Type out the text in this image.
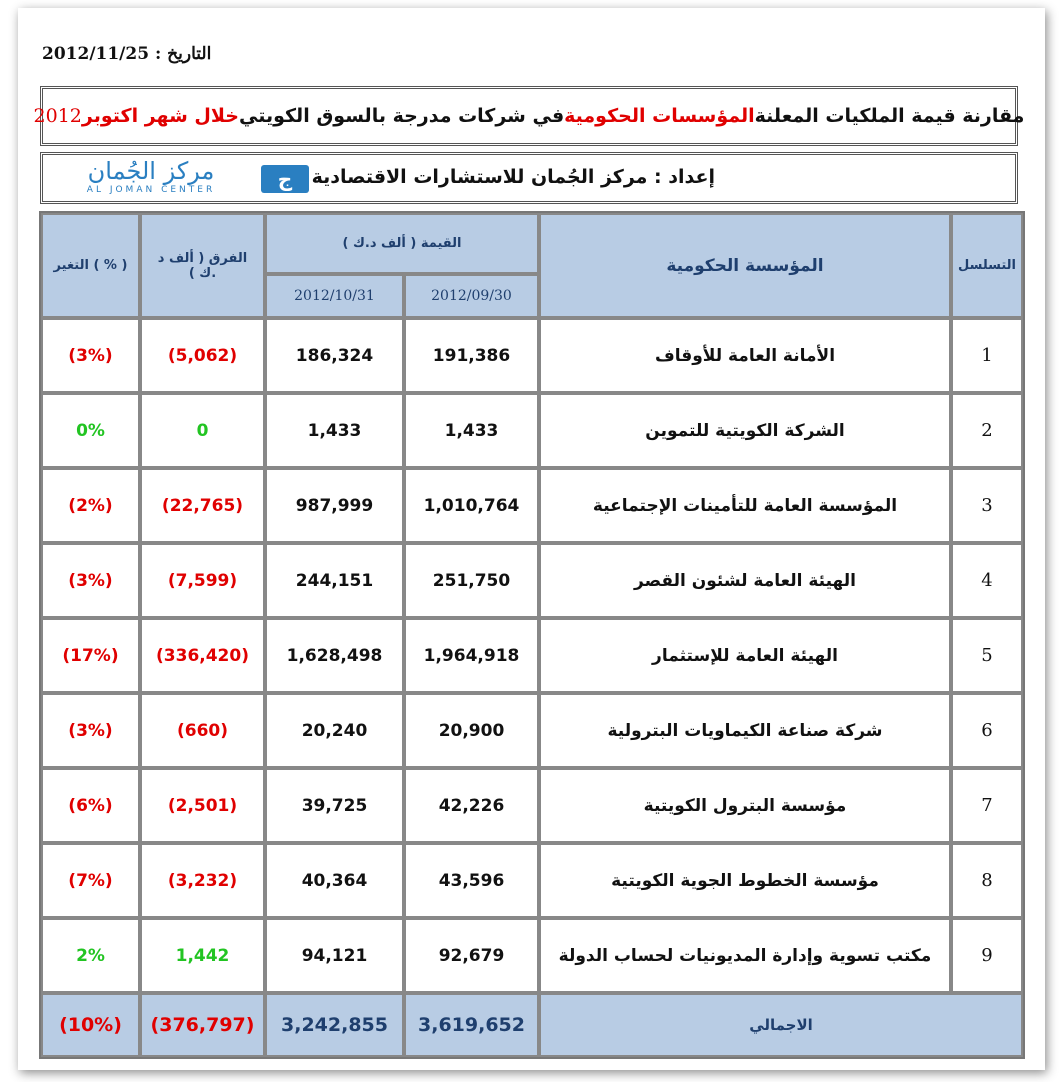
التاريخ : 2012/11/25
مقارنة قيمة الملكيات المعلنة
المؤسسات الحكومية
في شركات مدرجة بالسوق الكويتي
خلال شهر اكتوبر
2012
إعداد : مركز الجُمان للاستشارات الاقتصادية
ج
مركز الجُمان
AL JOMAN CENTER
التغير ( % )	الفرق ( ألف د .ك )	القيمة ( ألف د.ك )		المؤسسة الحكومية	التسلسل
		2012/10/31	2012/09/30		
(3%)	(5,062)	186,324	191,386	الأمانة العامة للأوقاف	1
0%	0	1,433	1,433	الشركة الكويتية للتموين	2
(2%)	(22,765)	987,999	1,010,764	المؤسسة العامة للتأمينات الإجتماعية	3
(3%)	(7,599)	244,151	251,750	الهيئة العامة لشئون القصر	4
(17%)	(336,420)	1,628,498	1,964,918	الهيئة العامة للإستثمار	5
(3%)	(660)	20,240	20,900	شركة صناعة الكيماويات البترولية	6
(6%)	(2,501)	39,725	42,226	مؤسسة البترول الكويتية	7
(7%)	(3,232)	40,364	43,596	مؤسسة الخطوط الجوية الكويتية	8
2%	1,442	94,121	92,679	مكتب تسوية وإدارة المديونيات لحساب الدولة	9
(10%)	(376,797)	3,242,855	3,619,652	الاجمالي	
